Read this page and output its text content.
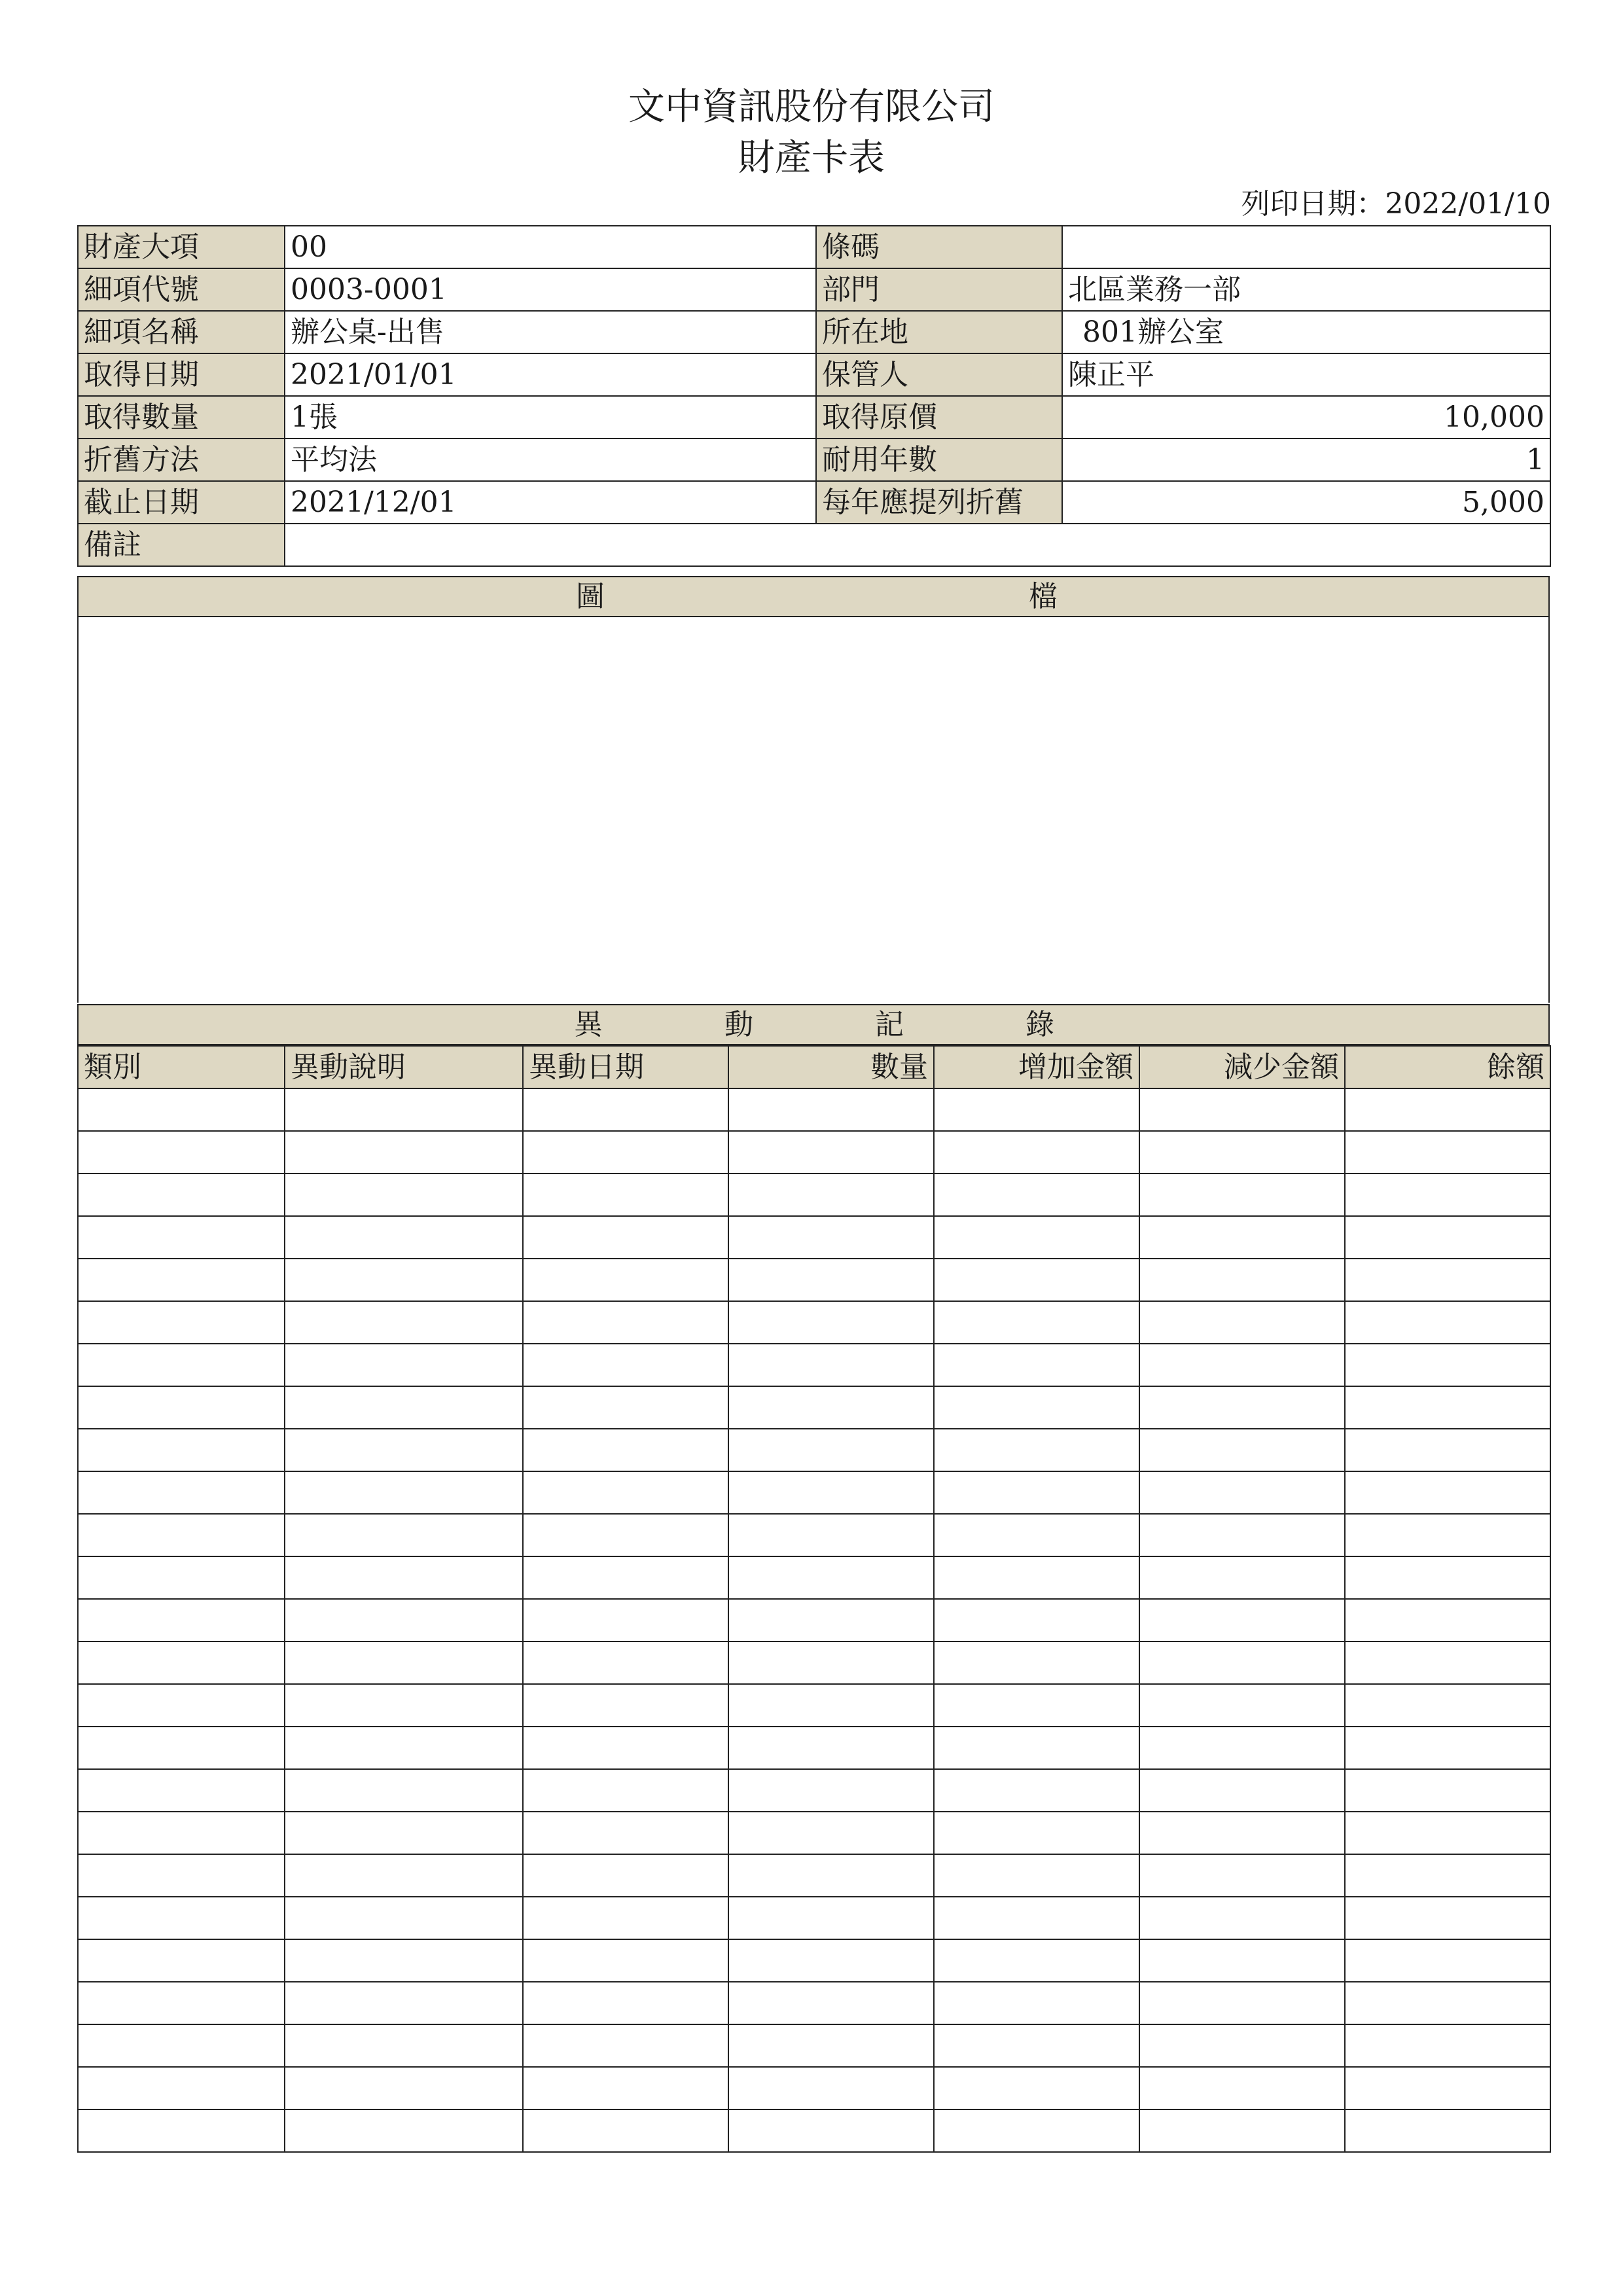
文中資訊股份有限公司
財產卡表
列印日期：2022/01/10
財產大項	00	條碼	
細項代號	0003-0001	部門	北區業務一部
細項名稱	辦公桌-出售	所在地	801辦公室
取得日期	2021/01/01	保管人	陳正平
取得數量	1張	取得原價	10,000
折舊方法	平均法	耐用年數	1
截止日期	2021/12/01	每年應提列折舊	5,000
備註			
圖	檔
異	動	記	錄
類別	異動說明	異動日期	數量	增加金額	減少金額	餘額
